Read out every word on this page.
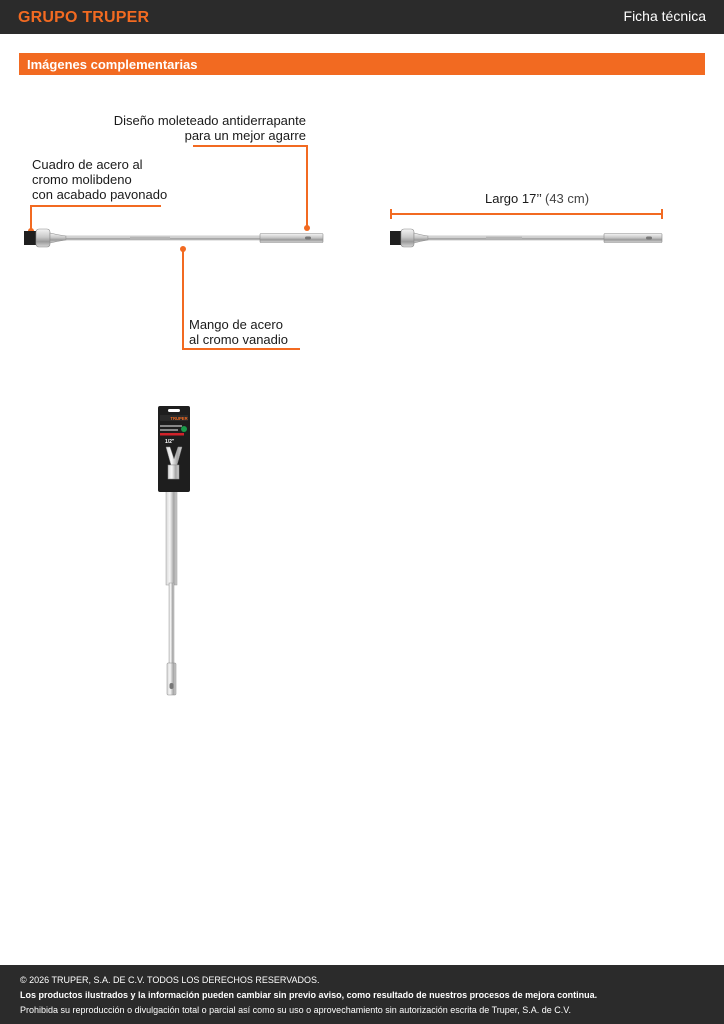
GRUPO TRUPER	Ficha técnica
Imágenes complementarias
Diseño moleteado antiderrapante
para un mejor agarre
Cuadro de acero al
cromo molibdeno
con acabado pavonado
Mango de acero
al cromo vanadio
Largo 17’’ (43 cm)
TRUPER
1/2"
© 2026 TRUPER, S.A. DE C.V. TODOS LOS DERECHOS RESERVADOS.
Los productos ilustrados y la información pueden cambiar sin previo aviso, como resultado de nuestros procesos de mejora continua.
Prohibida su reproducción o divulgación total o parcial así como su uso o aprovechamiento sin autorización escrita de Truper, S.A. de C.V.
